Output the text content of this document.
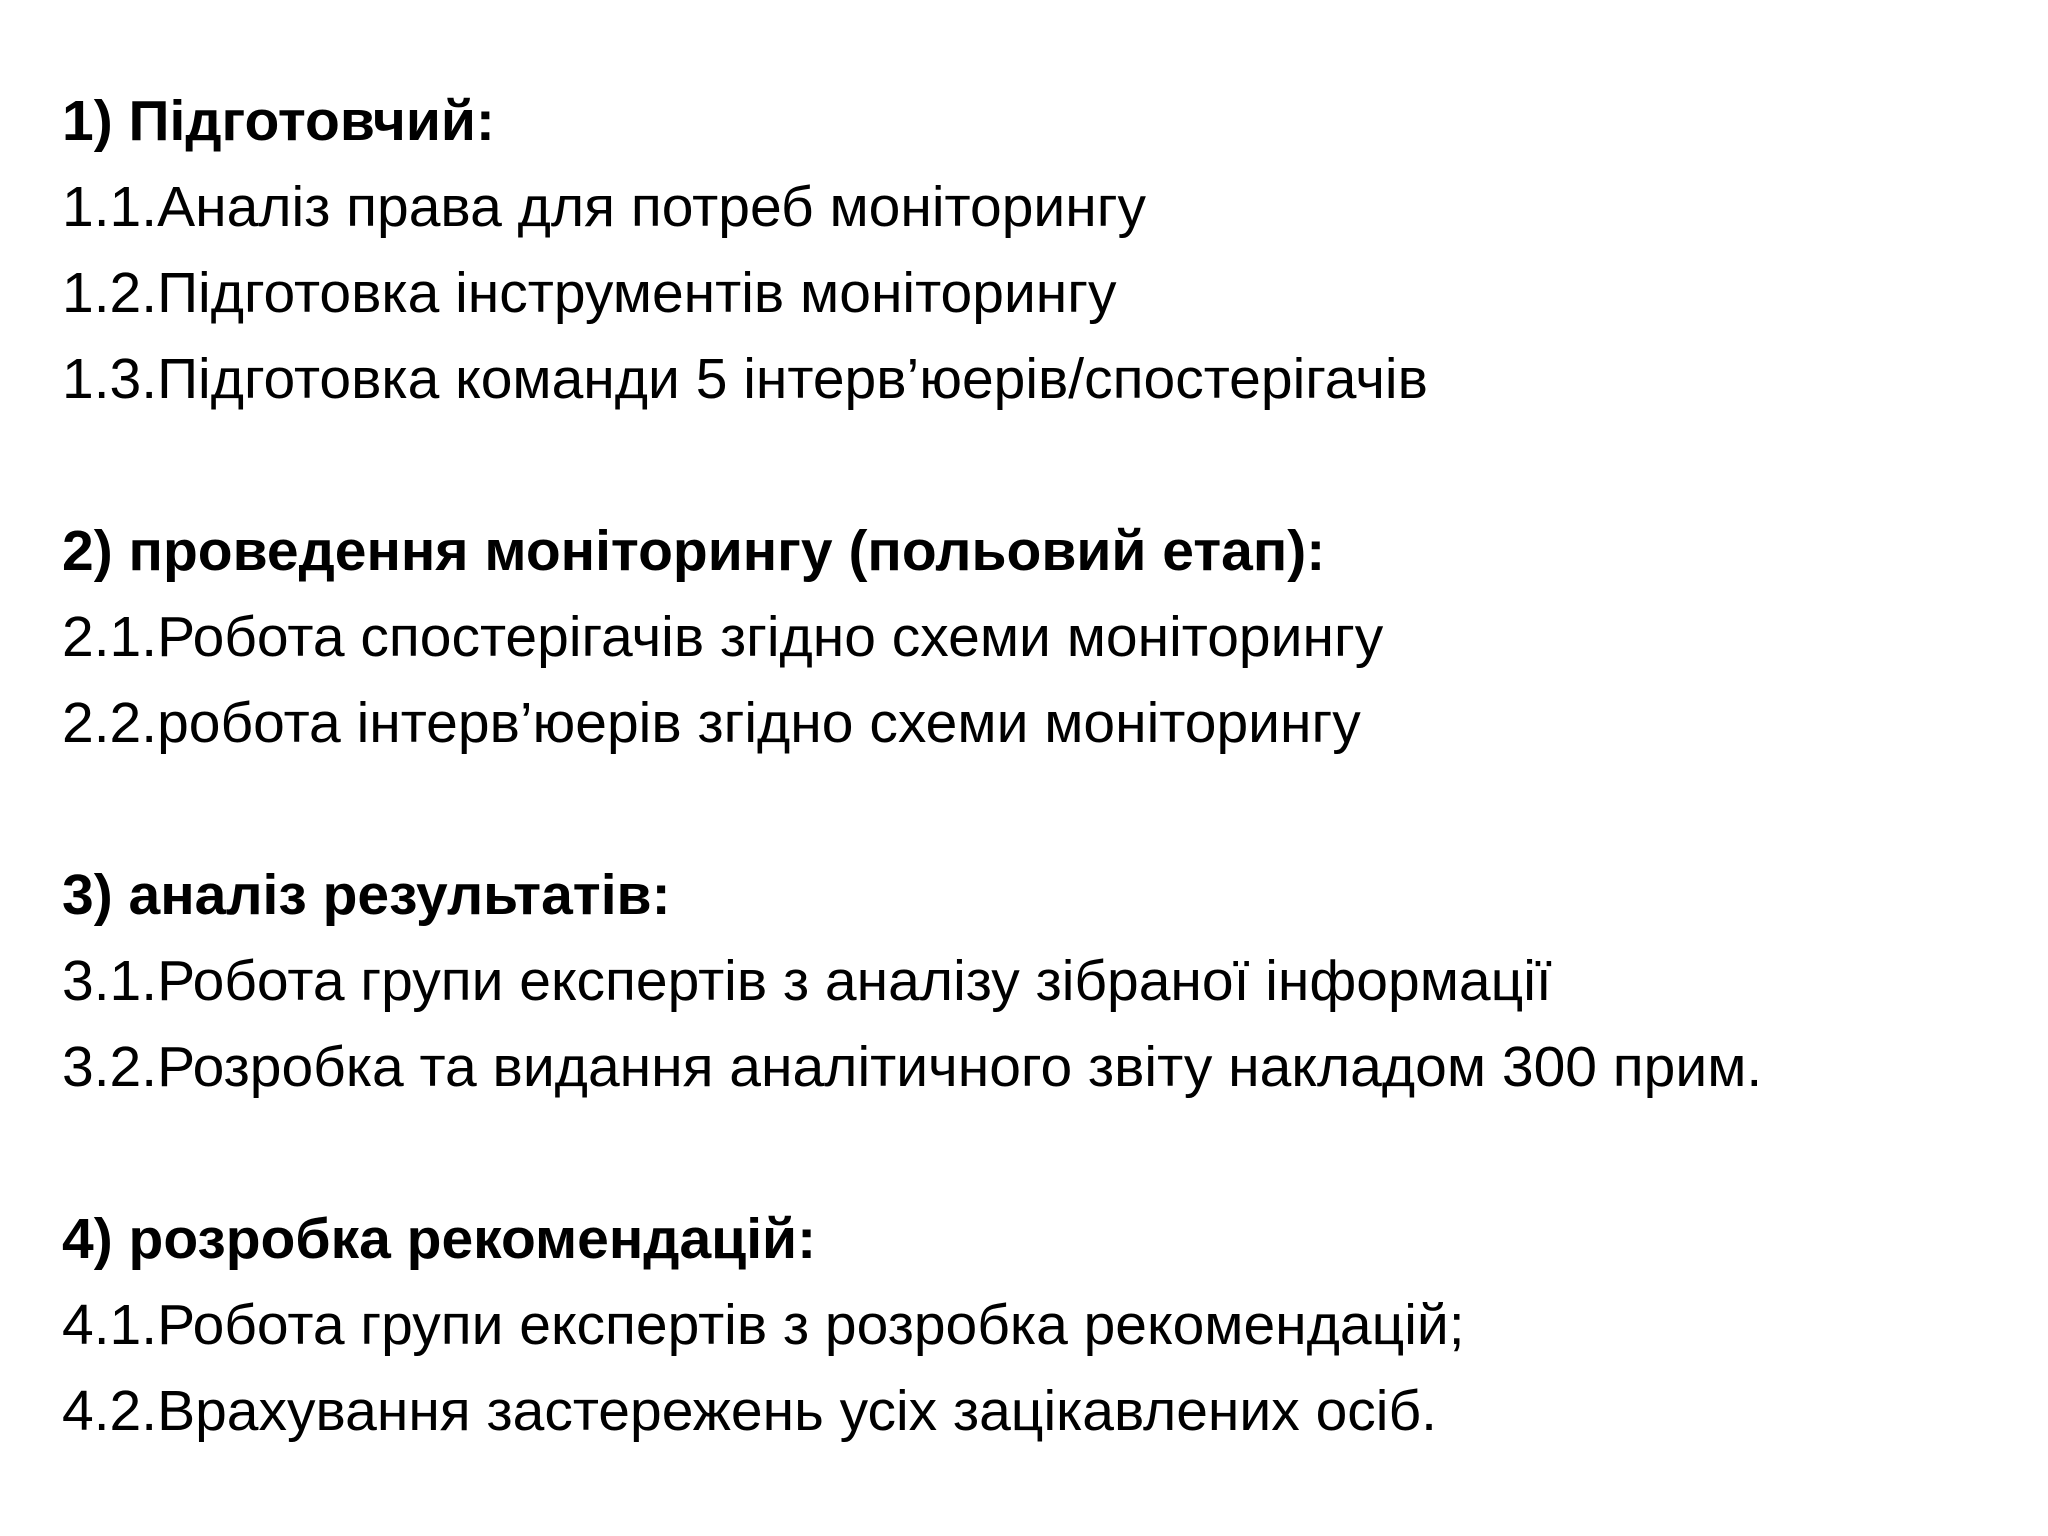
1) Підготовчий:

1.1.Аналіз права для потреб моніторингу

1.2.Підготовка інструментів моніторингу

1.3.Підготовка команди 5 інтерв’юерів/спостерігачів

2) проведення моніторингу (польовий етап):

2.1.Робота спостерігачів згідно схеми моніторингу

2.2.робота інтерв’юерів згідно схеми моніторингу

3) аналіз результатів:

3.1.Робота групи експертів з аналізу зібраної інформації

3.2.Розробка та видання аналітичного звіту накладом 300 прим.

4) розробка рекомендацій:

4.1.Робота групи експертів з розробка рекомендацій;

4.2.Врахування застережень усіх зацікавлених осіб.
